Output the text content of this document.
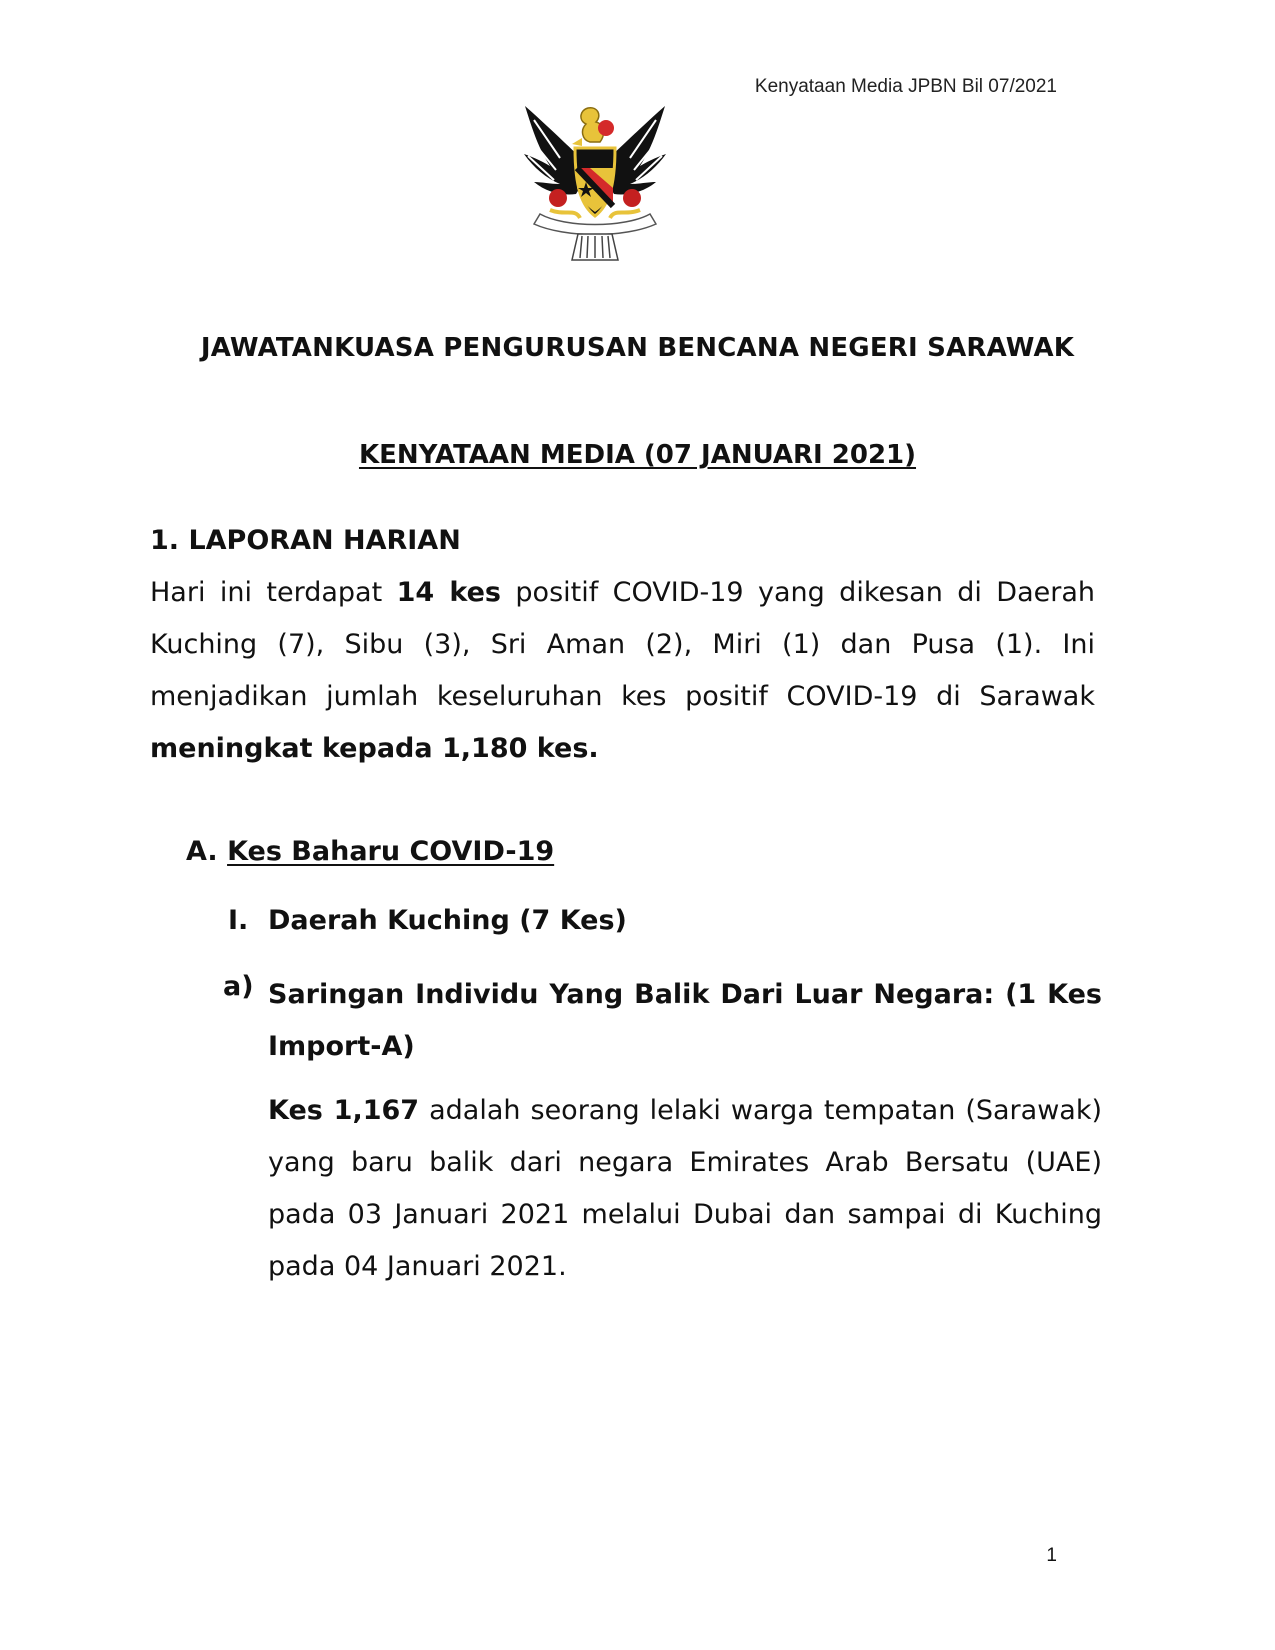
Kenyataan Media JPBN Bil 07/2021
JAWATANKUASA PENGURUSAN BENCANA NEGERI SARAWAK
KENYATAAN MEDIA (07 JANUARI 2021)
1. LAPORAN HARIAN
Hari ini terdapat 14 kes positif COVID-19 yang dikesan di Daerah Kuching (7), Sibu (3), Sri Aman (2), Miri (1) dan Pusa (1). Ini menjadikan jumlah keseluruhan kes positif COVID-19 di Sarawak meningkat kepada 1,180 kes.
A. Kes Baharu COVID-19
I. Daerah Kuching (7 Kes)
a) Saringan Individu Yang Balik Dari Luar Negara: (1 Kes Import-A)
Kes 1,167 adalah seorang lelaki warga tempatan (Sarawak) yang baru balik dari negara Emirates Arab Bersatu (UAE) pada 03 Januari 2021 melalui Dubai dan sampai di Kuching pada 04 Januari 2021.
1
